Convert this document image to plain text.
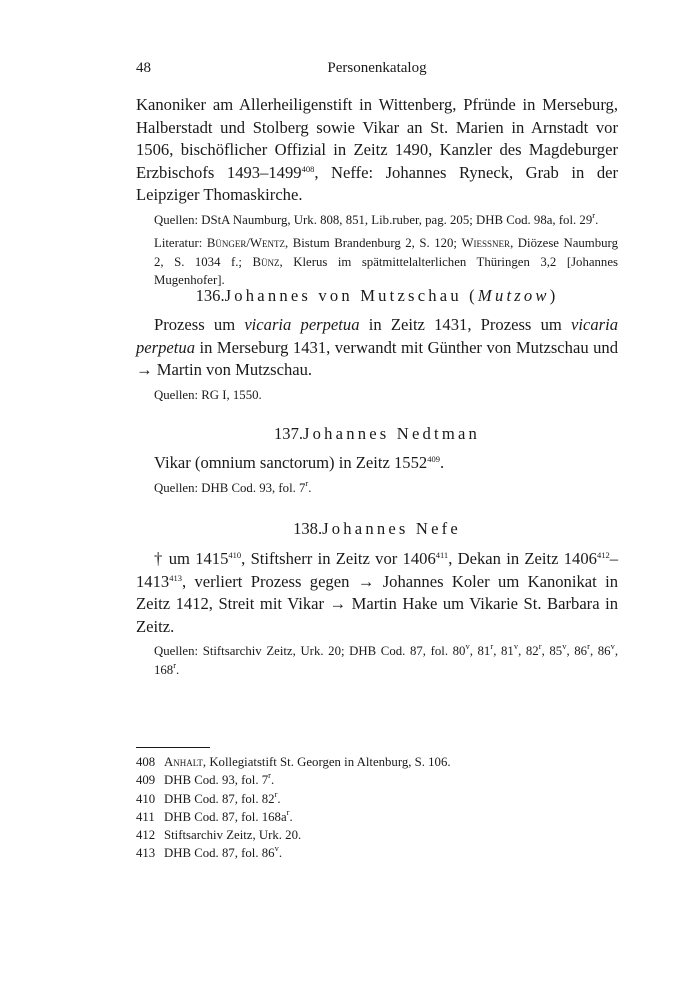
48	Personenkatalog

Kanoniker am Allerheiligenstift in Wittenberg, Pfründe in Merseburg, Halberstadt und Stolberg sowie Vikar an St. Marien in Arnstadt vor 1506, bischöflicher Offizial in Zeitz 1490, Kanzler des Magdeburger Erzbischofs 1493–1499$^{408}$, Neffe: Johannes Ryneck, Grab in der Leipziger Thomaskirche.

Quellen: DStA Naumburg, Urk. 808, 851, Lib.ruber, pag. 205; DHB Cod. 98a, fol. 29$^r$.

Literatur: Bünger/Wentz, Bistum Brandenburg 2, S. 120; Wiessner, Diözese Naumburg 2, S. 1034 f.; Bünz, Klerus im spätmittelalterlichen Thüringen 3,2 [Johannes Mugenhofer].

136.Johannes von Mutzschau (Mutzow)

Prozess um vicaria perpetua in Zeitz 1431, Prozess um vicaria perpetua in Merseburg 1431, verwandt mit Günther von Mutzschau und → Martin von Mutzschau.

Quellen: RG I, 1550.

137.Johannes Nedtman

Vikar (omnium sanctorum) in Zeitz 1552$^{409}$.

Quellen: DHB Cod. 93, fol. 7$^r$.

138.Johannes Nefe

† um 1415$^{410}$, Stiftsherr in Zeitz vor 1406$^{411}$, Dekan in Zeitz 1406$^{412}$–1413$^{413}$, verliert Prozess gegen → Johannes Koler um Kanonikat in Zeitz 1412, Streit mit Vikar → Martin Hake um Vikarie St. Barbara in Zeitz.

Quellen: Stiftsarchiv Zeitz, Urk. 20; DHB Cod. 87, fol. 80$^v$, 81$^r$, 81$^v$, 82$^r$, 85$^v$, 86$^r$, 86$^v$, 168$^r$.

408 Anhalt, Kollegiatstift St. Georgen in Altenburg, S. 106.
409 DHB Cod. 93, fol. 7$^r$.
410 DHB Cod. 87, fol. 82$^r$.
411 DHB Cod. 87, fol. $168a^r$.
412 Stiftsarchiv Zeitz, Urk. 20.
413 DHB Cod. 87, fol. 86$^v$.
